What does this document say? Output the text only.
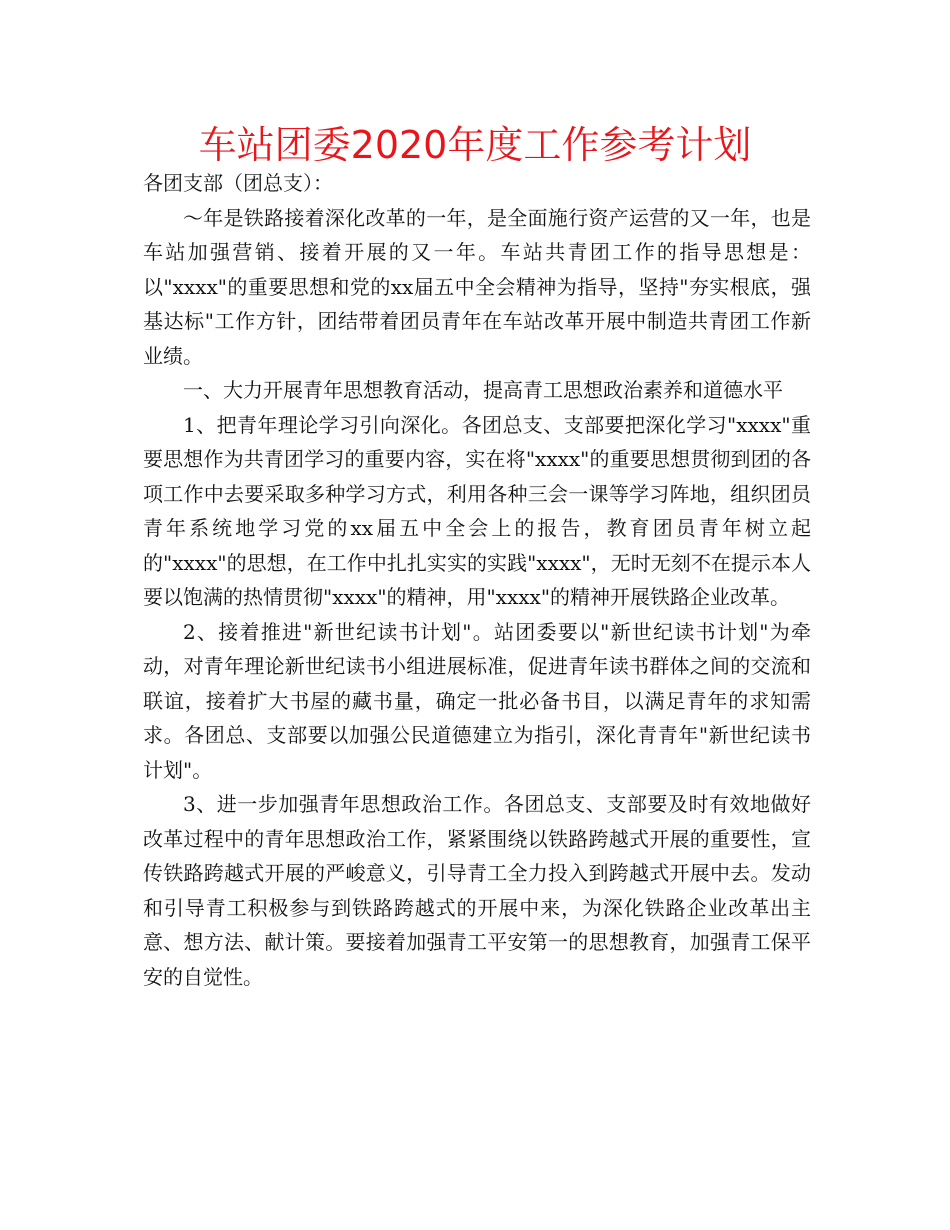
车站团委2020年度工作参考计划

各团支部（团总支）：

～年是铁路接着深化改革的一年，是全面施行资产运营的又一年，也是车站加强营销、接着开展的又一年。车站共青团工作的指导思想是：以"xxxx"的重要思想和党的xx届五中全会精神为指导，坚持"夯实根底，强基达标"工作方针，团结带着团员青年在车站改革开展中制造共青团工作新业绩。

一、大力开展青年思想教育活动，提高青工思想政治素养和道德水平

1、把青年理论学习引向深化。各团总支、支部要把深化学习"xxxx"重要思想作为共青团学习的重要内容，实在将"xxxx"的重要思想贯彻到团的各项工作中去要采取多种学习方式，利用各种三会一课等学习阵地，组织团员青年系统地学习党的xx届五中全会上的报告，教育团员青年树立起的"xxxx"的思想，在工作中扎扎实实的实践"xxxx"，无时无刻不在提示本人要以饱满的热情贯彻"xxxx"的精神，用"xxxx"的精神开展铁路企业改革。

2、接着推进"新世纪读书计划"。站团委要以"新世纪读书计划"为牵动，对青年理论新世纪读书小组进展标准，促进青年读书群体之间的交流和联谊，接着扩大书屋的藏书量，确定一批必备书目，以满足青年的求知需求。各团总、支部要以加强公民道德建立为指引，深化青青年"新世纪读书计划"。

3、进一步加强青年思想政治工作。各团总支、支部要及时有效地做好改革过程中的青年思想政治工作，紧紧围绕以铁路跨越式开展的重要性，宣传铁路跨越式开展的严峻意义，引导青工全力投入到跨越式开展中去。发动和引导青工积极参与到铁路跨越式的开展中来，为深化铁路企业改革出主意、想方法、献计策。要接着加强青工平安第一的思想教育，加强青工保平安的自觉性。
